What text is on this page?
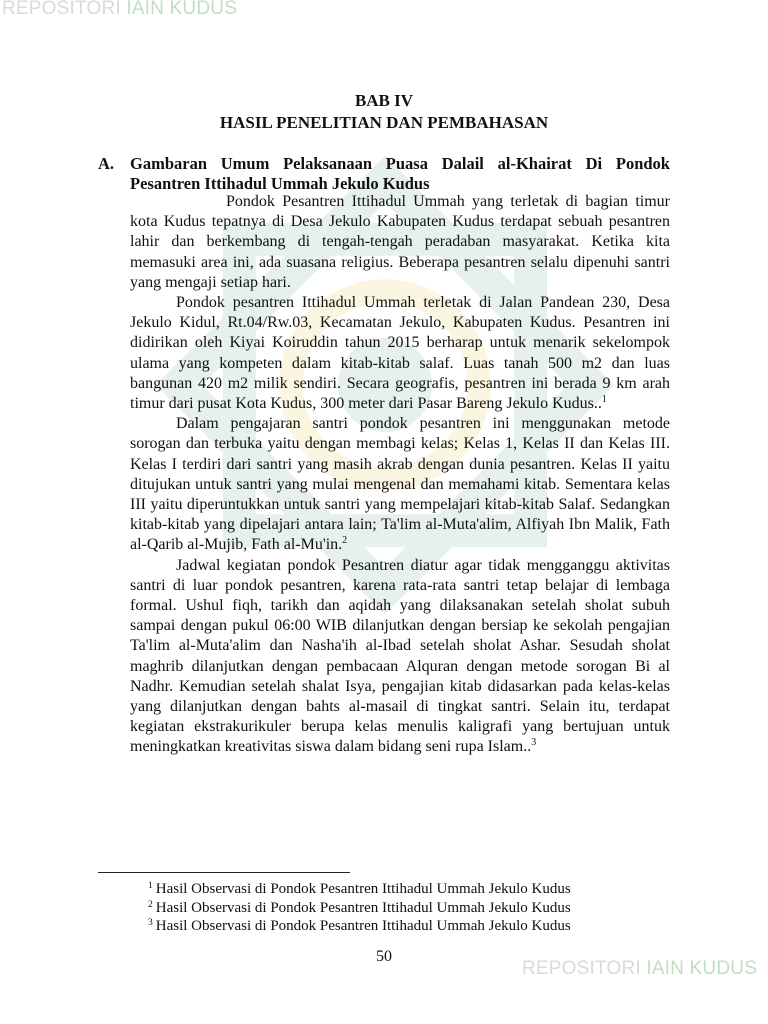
REPOSITORI IAIN KUDUS
BAB IV
HASIL PENELITIAN DAN PEMBAHASAN
A. Gambaran Umum Pelaksanaan Puasa Dalail al-Khairat Di Pondok Pesantren Ittihadul Ummah Jekulo Kudus

Pondok Pesantren Ittihadul Ummah yang terletak di bagian timur kota Kudus tepatnya di Desa Jekulo Kabupaten Kudus terdapat sebuah pesantren lahir dan berkembang di tengah-tengah peradaban masyarakat. Ketika kita memasuki area ini, ada suasana religius. Beberapa pesantren selalu dipenuhi santri yang mengaji setiap hari.

Pondok pesantren Ittihadul Ummah terletak di Jalan Pandean 230, Desa Jekulo Kidul, Rt.04/Rw.03, Kecamatan Jekulo, Kabupaten Kudus. Pesantren ini didirikan oleh Kiyai Koiruddin tahun 2015 berharap untuk menarik sekelompok ulama yang kompeten dalam kitab-kitab salaf. Luas tanah 500 m2 dan luas bangunan 420 m2 milik sendiri. Secara geografis, pesantren ini berada 9 km arah timur dari pusat Kota Kudus, 300 meter dari Pasar Bareng Jekulo Kudus..$^1$

Dalam pengajaran santri pondok pesantren ini menggunakan metode sorogan dan terbuka yaitu dengan membagi kelas; Kelas 1, Kelas II dan Kelas III. Kelas I terdiri dari santri yang masih akrab dengan dunia pesantren. Kelas II yaitu ditujukan untuk santri yang mulai mengenal dan memahami kitab. Sementara kelas III yaitu diperuntukkan untuk santri yang mempelajari kitab-kitab Salaf. Sedangkan kitab-kitab yang dipelajari antara lain; Ta'lim al-Muta'alim, Alfiyah Ibn Malik, Fath al-Qarib al-Mujib, Fath al-Mu'in.$^2$

Jadwal kegiatan pondok Pesantren diatur agar tidak mengganggu aktivitas santri di luar pondok pesantren, karena rata-rata santri tetap belajar di lembaga formal. Ushul fiqh, tarikh dan aqidah yang dilaksanakan setelah sholat subuh sampai dengan pukul 06:00 WIB dilanjutkan dengan bersiap ke sekolah pengajian Ta'lim al-Muta'alim dan Nasha'ih al-Ibad setelah sholat Ashar. Sesudah sholat maghrib dilanjutkan dengan pembacaan Alquran dengan metode sorogan Bi al Nadhr. Kemudian setelah shalat Isya, pengajian kitab didasarkan pada kelas-kelas yang dilanjutkan dengan bahts al-masail di tingkat santri. Selain itu, terdapat kegiatan ekstrakurikuler berupa kelas menulis kaligrafi yang bertujuan untuk meningkatkan kreativitas siswa dalam bidang seni rupa Islam..$^3$

$^1$ Hasil Observasi di Pondok Pesantren Ittihadul Ummah Jekulo Kudus
$^2$ Hasil Observasi di Pondok Pesantren Ittihadul Ummah Jekulo Kudus
$^3$ Hasil Observasi di Pondok Pesantren Ittihadul Ummah Jekulo Kudus
50
REPOSITORI IAIN KUDUS
